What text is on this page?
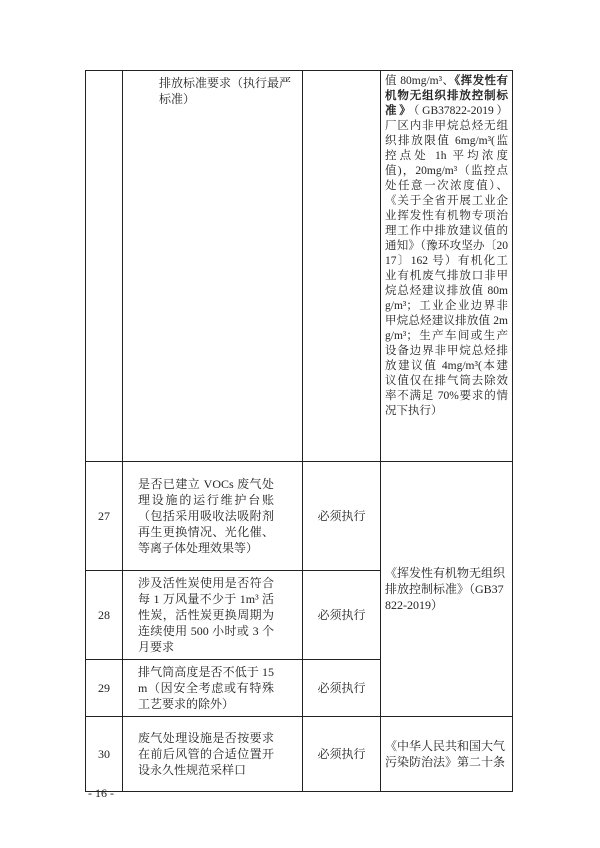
	排放标准要求（执行最严标准）		值 80mg/m³、《挥发性有机物无组织排放控制标准》（GB37822-2019）厂区内非甲烷总烃无组织排放限值 6mg/m³(监控点处 1h 平均浓度值)，20mg/m³（监控点处任意一次浓度值）、《关于全省开展工业企业挥发性有机物专项治理工作中排放建议值的通知》（豫环攻坚办〔2017〕162 号）有机化工业有机废气排放口非甲烷总烃建议排放值 80mg/m³；工业企业边界非甲烷总烃建议排放值 2mg/m³；生产车间或生产设备边界非甲烷总烃排放建议值 4mg/m³(本建议值仅在排气筒去除效率不满足 70%要求的情况下执行）
27	是否已建立 VOCs 废气处理设施的运行维护台账（包括采用吸收法吸附剂再生更换情况、光化催、等离子体处理效果等）	必须执行	《挥发性有机物无组织排放控制标准》（GB37822-2019）
28	涉及活性炭使用是否符合每 1 万风量不少于 1m³ 活性炭，活性炭更换周期为连续使用 500 小时或 3 个月要求	必须执行	
29	排气筒高度是否不低于 15m（因安全考虑或有特殊工艺要求的除外）	必须执行	
30	废气处理设施是否按要求在前后风管的合适位置开设永久性规范采样口	必须执行	《中华人民共和国大气污染防治法》第二十条
- 16 -
